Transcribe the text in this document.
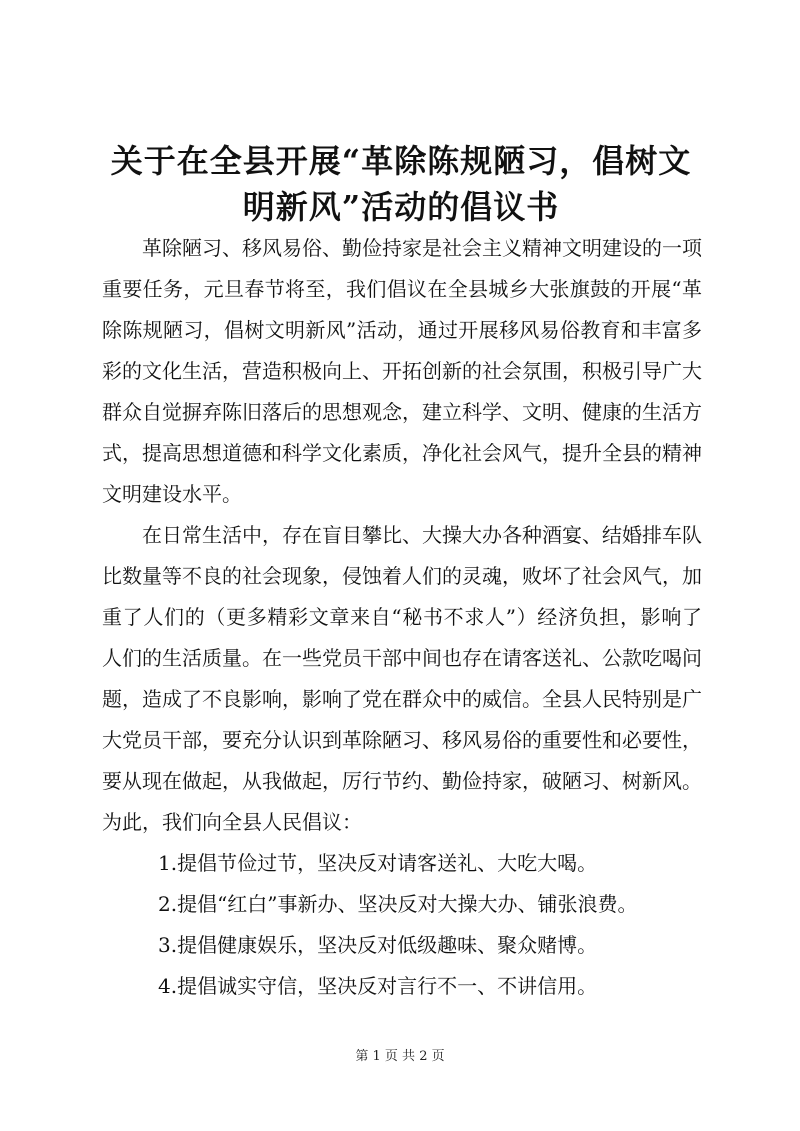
关于在全县开展“革除陈规陋习，倡树文明新风”活动的倡议书

革除陋习、移风易俗、勤俭持家是社会主义精神文明建设的一项重要任务，元旦春节将至，我们倡议在全县城乡大张旗鼓的开展“革除陈规陋习，倡树文明新风”活动，通过开展移风易俗教育和丰富多彩的文化生活，营造积极向上、开拓创新的社会氛围，积极引导广大群众自觉摒弃陈旧落后的思想观念，建立科学、文明、健康的生活方式，提高思想道德和科学文化素质，净化社会风气，提升全县的精神文明建设水平。

在日常生活中，存在盲目攀比、大操大办各种酒宴、结婚排车队比数量等不良的社会现象，侵蚀着人们的灵魂，败坏了社会风气，加重了人们的（更多精彩文章来自“秘书不求人”）经济负担，影响了人们的生活质量。在一些党员干部中间也存在请客送礼、公款吃喝问题，造成了不良影响，影响了党在群众中的威信。全县人民特别是广大党员干部，要充分认识到革除陋习、移风易俗的重要性和必要性，要从现在做起，从我做起，厉行节约、勤俭持家，破陋习、树新风。为此，我们向全县人民倡议：

1.提倡节俭过节，坚决反对请客送礼、大吃大喝。

2.提倡“红白”事新办、坚决反对大操大办、铺张浪费。

3.提倡健康娱乐，坚决反对低级趣味、聚众赌博。

4.提倡诚实守信，坚决反对言行不一、不讲信用。

第 1 页 共 2 页
